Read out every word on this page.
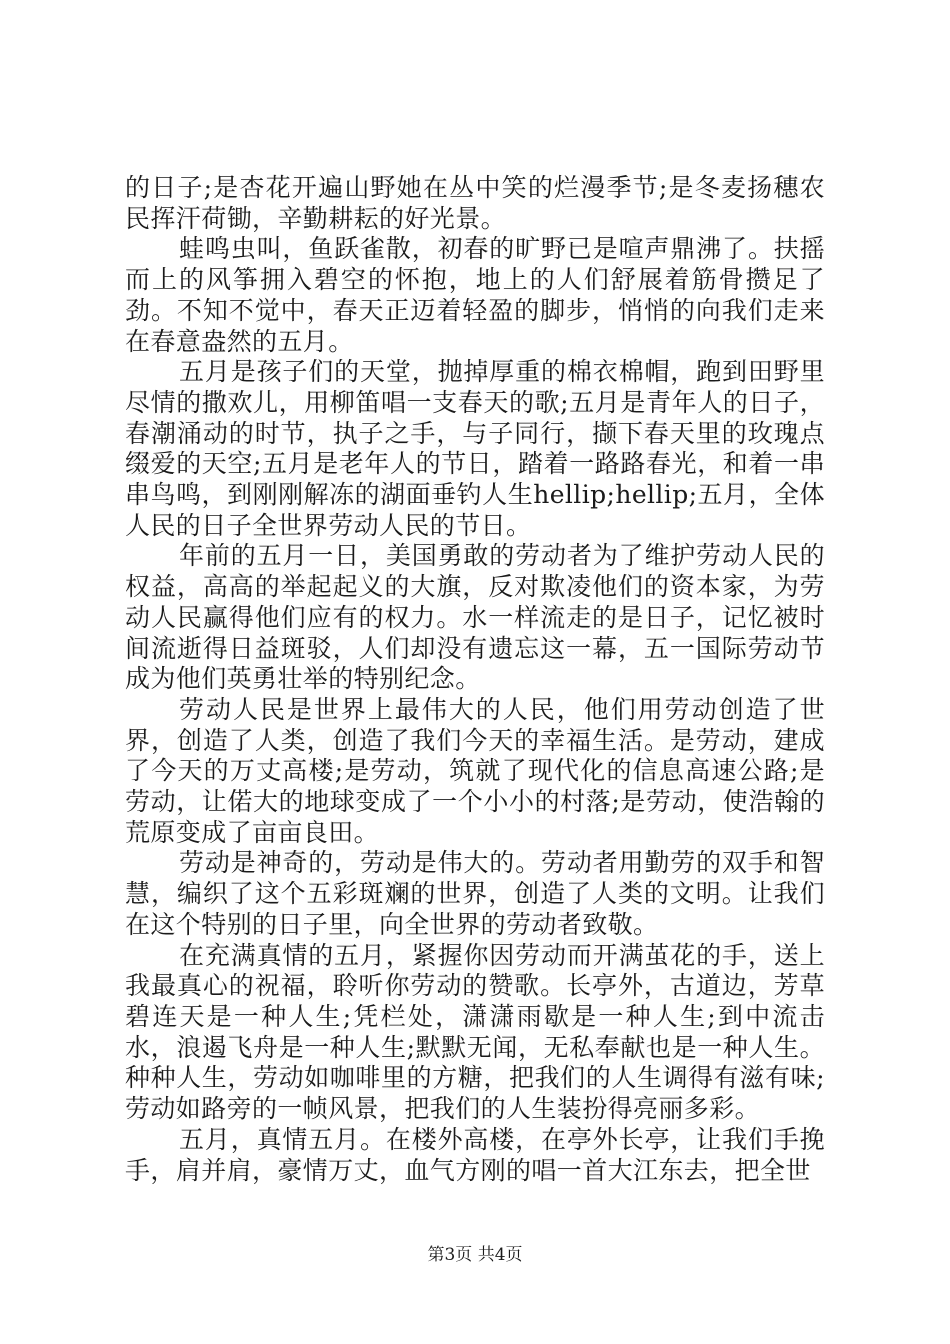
的日子;是杏花开遍山野她在丛中笑的烂漫季节;是冬麦扬穗农民挥汗荷锄，辛勤耕耘的好光景。

蛙鸣虫叫，鱼跃雀散，初春的旷野已是喧声鼎沸了。扶摇而上的风筝拥入碧空的怀抱，地上的人们舒展着筋骨攒足了劲。不知不觉中，春天正迈着轻盈的脚步，悄悄的向我们走来在春意盎然的五月。

五月是孩子们的天堂，抛掉厚重的棉衣棉帽，跑到田野里尽情的撒欢儿，用柳笛唱一支春天的歌;五月是青年人的日子，春潮涌动的时节，执子之手，与子同行，撷下春天里的玫瑰点缀爱的天空;五月是老年人的节日，踏着一路路春光，和着一串串鸟鸣，到刚刚解冻的湖面垂钓人生hellip;hellip;五月，全体人民的日子全世界劳动人民的节日。

年前的五月一日，美国勇敢的劳动者为了维护劳动人民的权益，高高的举起起义的大旗，反对欺凌他们的资本家，为劳动人民赢得他们应有的权力。水一样流走的是日子，记忆被时间流逝得日益斑驳，人们却没有遗忘这一幕，五一国际劳动节成为他们英勇壮举的特别纪念。

劳动人民是世界上最伟大的人民，他们用劳动创造了世界，创造了人类，创造了我们今天的幸福生活。是劳动，建成了今天的万丈高楼;是劳动，筑就了现代化的信息高速公路;是劳动，让偌大的地球变成了一个小小的村落;是劳动，使浩翰的荒原变成了亩亩良田。

劳动是神奇的，劳动是伟大的。劳动者用勤劳的双手和智慧，编织了这个五彩斑斓的世界，创造了人类的文明。让我们在这个特别的日子里，向全世界的劳动者致敬。

在充满真情的五月，紧握你因劳动而开满茧花的手，送上我最真心的祝福，聆听你劳动的赞歌。长亭外，古道边，芳草碧连天是一种人生;凭栏处，潇潇雨歇是一种人生;到中流击水，浪遏飞舟是一种人生;默默无闻，无私奉献也是一种人生。种种人生，劳动如咖啡里的方糖，把我们的人生调得有滋有味;劳动如路旁的一帧风景，把我们的人生装扮得亮丽多彩。

五月，真情五月。在楼外高楼，在亭外长亭，让我们手挽手，肩并肩，豪情万丈，血气方刚的唱一首大江东去，把全世

第3页 共4页
